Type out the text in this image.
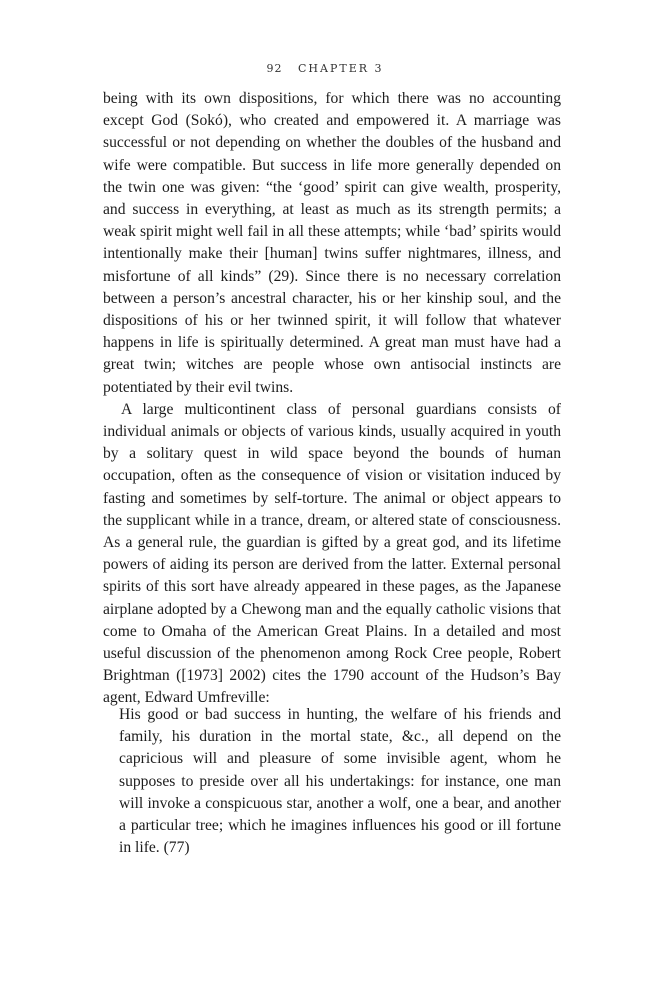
92 CHAPTER 3

being with its own dispositions, for which there was no accounting except God (Sokó), who created and empowered it. A marriage was successful or not depending on whether the doubles of the husband and wife were compatible. But success in life more generally depended on the twin one was given: “the ‘good’ spirit can give wealth, prosperity, and success in everything, at least as much as its strength permits; a weak spirit might well fail in all these attempts; while ‘bad’ spirits would intentionally make their [human] twins suffer nightmares, illness, and misfortune of all kinds” (29). Since there is no necessary correlation between a person’s ancestral character, his or her kinship soul, and the dispositions of his or her twinned spirit, it will follow that whatever happens in life is spiritually determined. A great man must have had a great twin; witches are people whose own antisocial instincts are potentiated by their evil twins.

A large multicontinent class of personal guardians consists of individual animals or objects of various kinds, usually acquired in youth by a solitary quest in wild space beyond the bounds of human occupation, often as the consequence of vision or visitation induced by fasting and sometimes by self-torture. The animal or object appears to the supplicant while in a trance, dream, or altered state of consciousness. As a general rule, the guardian is gifted by a great god, and its lifetime powers of aiding its person are derived from the latter. External personal spirits of this sort have already appeared in these pages, as the Japanese airplane adopted by a Chewong man and the equally catholic visions that come to Omaha of the American Great Plains. In a detailed and most useful discussion of the phenomenon among Rock Cree people, Robert Brightman ([1973] 2002) cites the 1790 account of the Hudson’s Bay agent, Edward Umfreville:

His good or bad success in hunting, the welfare of his friends and family, his duration in the mortal state, &c., all depend on the capricious will and pleasure of some invisible agent, whom he supposes to preside over all his undertakings: for instance, one man will invoke a conspicuous star, another a wolf, one a bear, and another a particular tree; which he imagines influences his good or ill fortune in life. (77)
